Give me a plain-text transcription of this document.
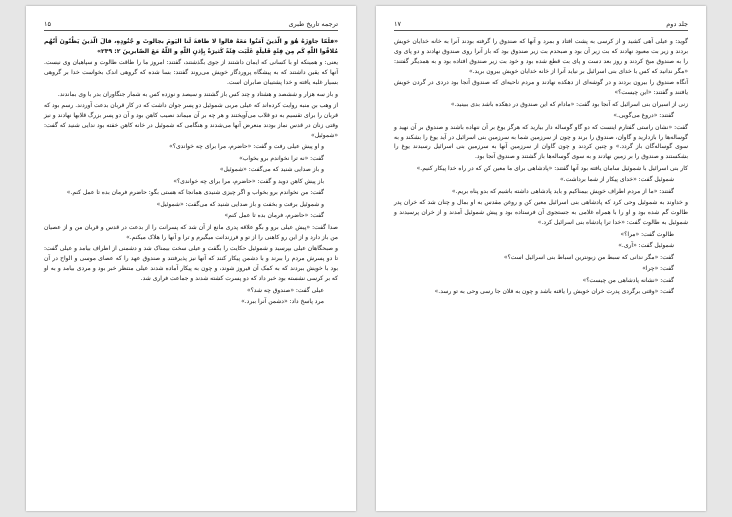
ترجمه تاریخ طبری
۱۵

«فلَمّا جاوَزَهُ هُوَ و الّذينَ آمَنُوا مَعَهُ قالوا لا طاقةَ لَنا الیَومَ بجالوتَ و جُنُودِهِ، قالَ الّذینَ یَظُنّونَ أَنّهُم مُلاقُوا اللّهِ کَم مِن فِئَةٍ قَلیلَةٍ غَلَبَت فِئَةً کَثیرَةً بِإذنِ اللّهِ و اللّهُ مَعَ الصّابرینَ ۲: ۲۴۹»

یعنی: و همینکه او با کسانی که ایمان داشتند از جوی بگذشتند، گفتند: امروز ما را طاقت طالوت و سپاهیان وی نیست. آنها که یقین داشتند که به پیشگاه پروردگار خویش می‌روند گفتند: بسا شده که گروهی اندک بخواست خدا بر گروهی بسیار غلبه یافته و خدا پشتیبان صابران است.

و باز سه هزار و ششصد و هشتاد و چند کس باز گشتند و سیصد و نوزده کس به شمار جنگاوران بدر با وی بماندند.

از وهب بن منبه روایت کرده‌اند که عیلی مربی شموئیل دو پسر جوان داشت که در کار قربان بدعت آوردند. رسم بود که قربان را برای تقسیم به دو قلاب می‌آویختند و هر چه بر آن میماند نصیب کاهن بود و آن دو پسر بزرگ قلابها نهادند و نیز وقتی زنان در قدس نماز بودند منعرض آنها می‌شدند و هنگامی که شموئیل در خانه کاهن خفته بود ندایی شنید که گفت: «شموئیل»

و او پیش عیلی رفت و گفت: «حاضرم، مرا برای چه خواندی؟»

گفت: «نه ترا نخواندم برو بخواب»

و باز صدایی شنید که می‌گفت: «شموئیل»

باز پیش کاهن دوید و گفت: «حاضرم، مرا برای چه خواندی؟»

گفت: من نخواندم برو بخواب و اگر چیزی شنیدی همانجا که هستی بگو: حاضرم فرمان بده تا عمل کنم.»

و شموئیل برفت و بخفت و باز صدایی شنید که می‌گفت: «شموئیل»

گفت: «حاضرم، فرمان بده تا عمل کنم»

صدا گفت: «پیش عیلی برو و بگو علاقه پدری مانع از آن شد که پسرانت را از بدعت در قدس و قربان من و از عصیان من باز دارد و از این رو کاهنی را از تو و فرزندانت میگیرم و ترا و آنها را هلاک میکنم.»

و صبحگاهان عیلی بپرسید و شموئیل حکایت را بگفت و عیلی سخت بیمناک شد و دشمنی از اطراف بیامد و عیلی گفت: تا دو پسرش مردم را ببرند و با دشمن پیکار کنند که آنها نیز پذیرفتند و صندوق عهد را که عصای موسی و الواح در آن بود با خویش ببردند که به کمک آن فیروز شوند، و چون به پیکار آماده شدند عیلی منتظر خبر بود و مردی بیامد و به او که بر کرسی نشسته بود خبر داد که دو پسرت کشته شدند و جماعت فراری شد.

عیلی گفت: «صندوق چه شد؟»

مرد پاسخ داد: «دشمن آنرا ببرد.»

جلد دوم
۱۷

گوید: و عیلی آهی کشید و از کرسی به پشت افتاد و بمرد و آنها که صندوق را گرفته بودند آنرا به خانه خدایان خویش بردند و زیر بت معبود نهادند که بت زیر آن بود و صبحدم بت زیر صندوق بود که باز آنرا روی صندوق نهادند و دو پای وی را به صندوق میخ کردند و روز بعد دست و پای بت قطع شده بود و خود بت زیر صندوق افتاده بود و به همدیگر گفتند: «مگر ندانید که کس با خدای بنی اسرائیل بر نیاید آنرا از خانه خدایان خویش بیرون برید.»

آنگاه صندوق را بیرون بردند و در گوشه‌ای از دهکده نهادند و مردم ناحیه‌ای که صندوق آنجا بود دردی در گردن خویش یافتند و گفتند: «این چیست؟»

زنی از اسیران بنی اسرائیل که آنجا بود گفت: «مادام که این صندوق در دهکده باشد بدی ببینید.»

گفتند: «دروغ می‌گویی.»

گفت: «نشان راستی گفتارم اینست که دو گاو گوساله دار بیارید که هرگز یوغ بر آن ننهاده باشند و صندوق بر آن نهید و گوساله‌ها را بازدارید و گاوان، صندوق را برند و چون از سرزمین شما به سرزمین بنی اسرائیل در آید یوغ را بشکند و به سوی گوساله‌گان باز گردد.» و چنین کردند و چون گاوان از سرزمین آنها به سرزمین بنی اسرائیل رسیدند یوغ را بشکستند و صندوق را بر زمین نهادند و به سوی گوساله‌ها باز گشتند و صندوق آنجا بود.

کار بنی اسرائیل با شموئیل سامان یافته بود آنها گفتند: «پادشاهی برای ما معین کن که در راه خدا پیکار کنیم.»

شموئیل گفت: «خدای پیکار از شما برداشت.»

گفتند: «ما از مردم اطراف خویش بیمناکیم و باید پادشاهی داشته باشیم که بدو پناه بریم.»

و خداوند به شموئیل وحی کرد که پادشاهی بنی اسرائیل معین کن و روغن مقدس به او بمال و چنان شد که خران پدر طالوت گم شده بود و او را با همراه غلامی به جستجوی آن فرستاده بود و پیش شموئیل آمدند و از خران پرسیدند و شموئیل به طالوت گفت: «خدا ترا پادشاه بنی اسرائیل کرد.»

طالوت گفت: «مرا؟»

شموئیل گفت: «آری.»

گفت: «مگر ندانی که سبط من زبونترین اسباط بنی اسرائیل است؟»

گفت: «چرا»

گفت: «نشانه پادشاهی من چیست؟»

گفت: «وقتی برگردی پدرت خران خویش را یافته باشد و چون به فلان جا رسی وحی به تو رسد.»
